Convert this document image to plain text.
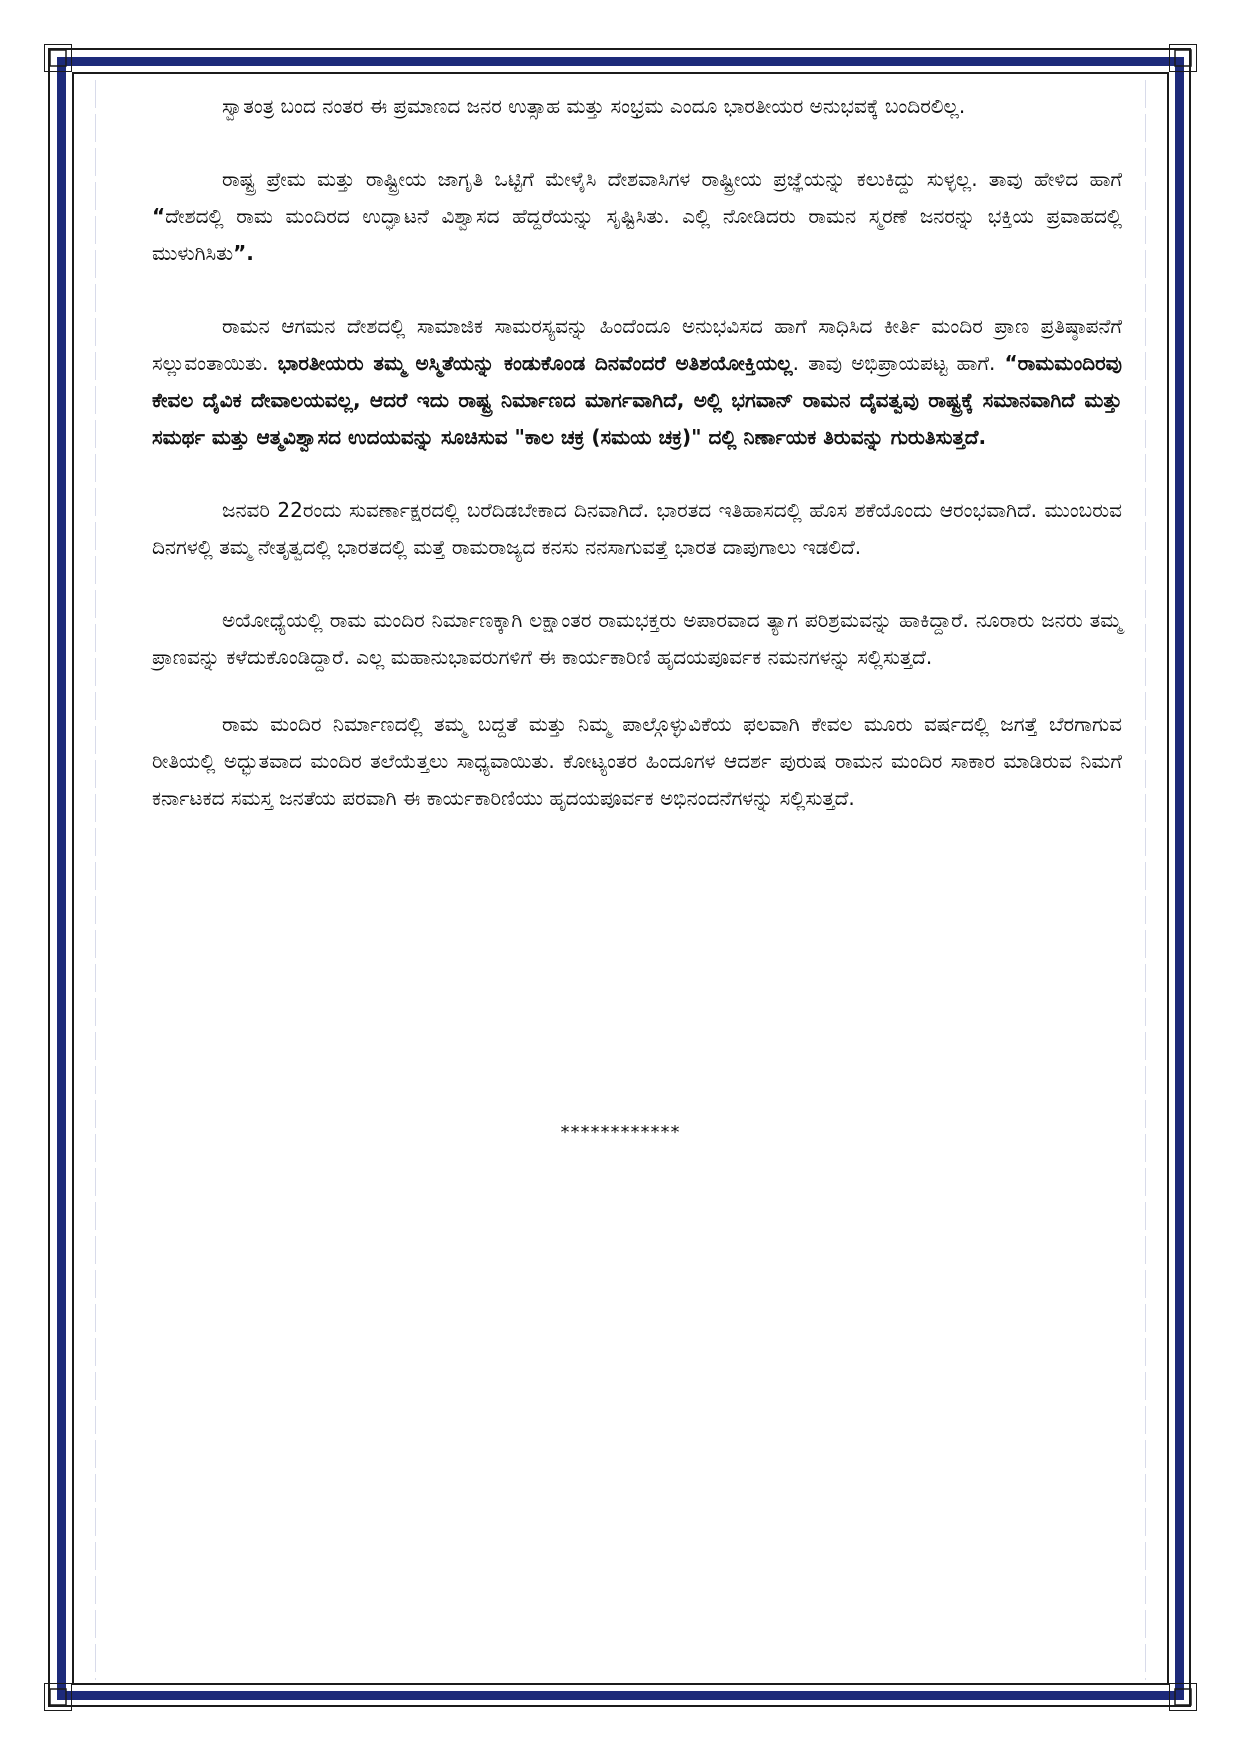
ಸ್ವಾತಂತ್ರ ಬಂದ ನಂತರ ಈ ಪ್ರಮಾಣದ ಜನರ ಉತ್ಸಾಹ ಮತ್ತು ಸಂಭ್ರಮ ಎಂದೂ ಭಾರತೀಯರ ಅನುಭವಕ್ಕೆ ಬಂದಿರಲಿಲ್ಲ.

ರಾಷ್ಟ್ರ ಪ್ರೇಮ ಮತ್ತು ರಾಷ್ಟ್ರೀಯ ಜಾಗೃತಿ ಒಟ್ಟಿಗೆ ಮೇಳೈಸಿ ದೇಶವಾಸಿಗಳ ರಾಷ್ಟ್ರೀಯ ಪ್ರಜ್ಞೆಯನ್ನು ಕಲುಕಿದ್ದು ಸುಳ್ಳಲ್ಲ. ತಾವು ಹೇಳಿದ ಹಾಗೆ “ದೇಶದಲ್ಲಿ ರಾಮ ಮಂದಿರದ ಉದ್ಘಾಟನೆ ವಿಶ್ವಾಸದ ಹೆದ್ದರೆಯನ್ನು ಸೃಷ್ಟಿಸಿತು. ಎಲ್ಲಿ ನೋಡಿದರು ರಾಮನ ಸ್ಮರಣೆ ಜನರನ್ನು ಭಕ್ತಿಯ ಪ್ರವಾಹದಲ್ಲಿ ಮುಳುಗಿಸಿತು”.

ರಾಮನ ಆಗಮನ ದೇಶದಲ್ಲಿ ಸಾಮಾಜಿಕ ಸಾಮರಸ್ಯವನ್ನು ಹಿಂದೆಂದೂ ಅನುಭವಿಸದ ಹಾಗೆ ಸಾಧಿಸಿದ ಕೀರ್ತಿ ಮಂದಿರ ಪ್ರಾಣ ಪ್ರತಿಷ್ಠಾಪನೆಗೆ ಸಲ್ಲುವಂತಾಯಿತು. ಭಾರತೀಯರು ತಮ್ಮ ಅಸ್ಮಿತೆಯನ್ನು ಕಂಡುಕೊಂಡ ದಿನವೆಂದರೆ ಅತಿಶಯೋಕ್ತಿಯಲ್ಲ. ತಾವು ಅಭಿಪ್ರಾಯಪಟ್ಟ ಹಾಗೆ. “ರಾಮಮಂದಿರವು ಕೇವಲ ದೈವಿಕ ದೇವಾಲಯವಲ್ಲ, ಆದರೆ ಇದು ರಾಷ್ಟ್ರ ನಿರ್ಮಾಣದ ಮಾರ್ಗವಾಗಿದೆ, ಅಲ್ಲಿ ಭಗವಾನ್ ರಾಮನ ದೈವತ್ವವು ರಾಷ್ಟ್ರಕ್ಕೆ ಸಮಾನವಾಗಿದೆ ಮತ್ತು ಸಮರ್ಥ ಮತ್ತು ಆತ್ಮವಿಶ್ವಾಸದ ಉದಯವನ್ನು ಸೂಚಿಸುವ "ಕಾಲ ಚಕ್ರ (ಸಮಯ ಚಕ್ರ)" ದಲ್ಲಿ ನಿರ್ಣಾಯಕ ತಿರುವನ್ನು ಗುರುತಿಸುತ್ತದೆ.

ಜನವರಿ 22ರಂದು ಸುವರ್ಣಾಕ್ಷರದಲ್ಲಿ ಬರೆದಿಡಬೇಕಾದ ದಿನವಾಗಿದೆ. ಭಾರತದ ಇತಿಹಾಸದಲ್ಲಿ ಹೊಸ ಶಕೆಯೊಂದು ಆರಂಭವಾಗಿದೆ. ಮುಂಬರುವ ದಿನಗಳಲ್ಲಿ ತಮ್ಮ ನೇತೃತ್ವದಲ್ಲಿ ಭಾರತದಲ್ಲಿ ಮತ್ತೆ ರಾಮರಾಜ್ಯದ ಕನಸು ನನಸಾಗುವತ್ತೆ ಭಾರತ ದಾಪುಗಾಲು ಇಡಲಿದೆ.

ಅಯೋಧ್ಯೆಯಲ್ಲಿ ರಾಮ ಮಂದಿರ ನಿರ್ಮಾಣಕ್ಕಾಗಿ ಲಕ್ಷಾಂತರ ರಾಮಭಕ್ತರು ಅಪಾರವಾದ ತ್ಯಾಗ ಪರಿಶ್ರಮವನ್ನು ಹಾಕಿದ್ದಾರೆ. ನೂರಾರು ಜನರು ತಮ್ಮ ಪ್ರಾಣವನ್ನು ಕಳೆದುಕೊಂಡಿದ್ದಾರೆ. ಎಲ್ಲ ಮಹಾನುಭಾವರುಗಳಿಗೆ ಈ ಕಾರ್ಯಕಾರಿಣಿ ಹೃದಯಪೂರ್ವಕ ನಮನಗಳನ್ನು ಸಲ್ಲಿಸುತ್ತದೆ.

ರಾಮ ಮಂದಿರ ನಿರ್ಮಾಣದಲ್ಲಿ ತಮ್ಮ ಬದ್ದತೆ ಮತ್ತು ನಿಮ್ಮ ಪಾಲ್ಗೊಳ್ಳುವಿಕೆಯ ಫಲವಾಗಿ ಕೇವಲ ಮೂರು ವರ್ಷದಲ್ಲಿ ಜಗತ್ತೆ ಬೆರಗಾಗುವ ರೀತಿಯಲ್ಲಿ ಅಧ್ಭುತವಾದ ಮಂದಿರ ತಲೆಯೆತ್ತಲು ಸಾಧ್ಯವಾಯಿತು. ಕೋಟ್ಯಂತರ ಹಿಂದೂಗಳ ಆದರ್ಶ ಪುರುಷ ರಾಮನ ಮಂದಿರ ಸಾಕಾರ ಮಾಡಿರುವ ನಿಮಗೆ ಕರ್ನಾಟಕದ ಸಮಸ್ತ ಜನತೆಯ ಪರವಾಗಿ ಈ ಕಾರ್ಯಕಾರಿಣಿಯು ಹೃದಯಪೂರ್ವಕ ಅಭಿನಂದನೆಗಳನ್ನು ಸಲ್ಲಿಸುತ್ತದೆ.

************
